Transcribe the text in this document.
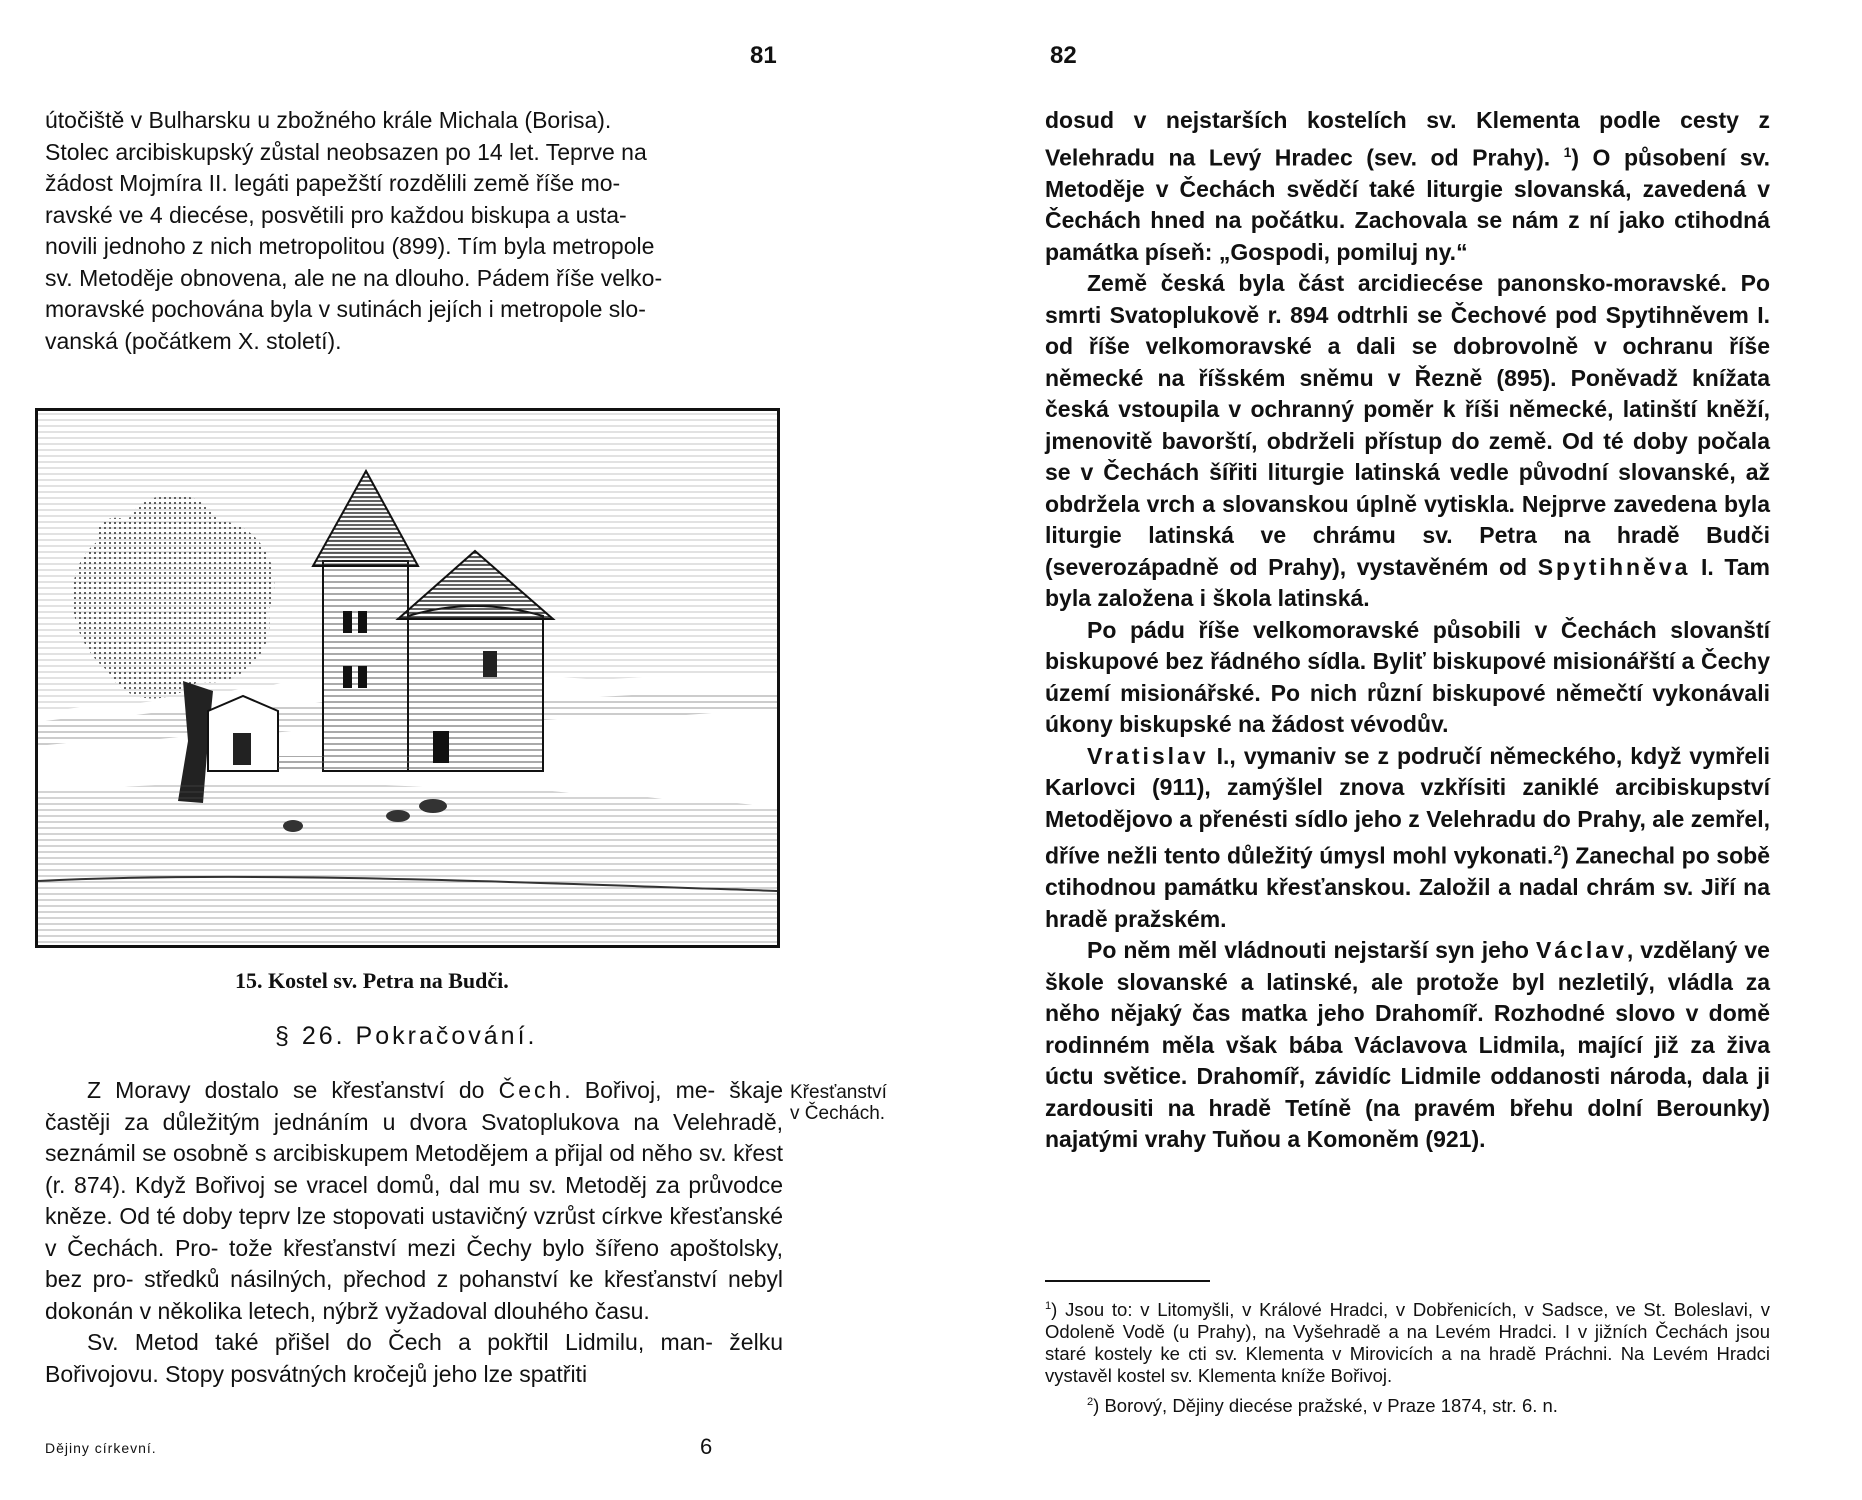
81
útočiště v Bulharsku u zbožného krále Michala (Borisa).
Stolec arcibiskupský zůstal neobsazen po 14 let. Teprve na
žádost Mojmíra II. legáti papežští rozdělili země říše mo-
ravské ve 4 diecése, posvětili pro každou biskupa a usta-
novili jednoho z nich metropolitou (899). Tím byla metropole
sv. Metoděje obnovena, ale ne na dlouho. Pádem říše velko-
moravské pochována byla v sutinách jejích i metropole slo-
vanská (počátkem X. století).
15. Kostel sv. Petra na Budči.
§ 26. Pokračování.

Z Moravy dostalo se křesťanství do Čech. Bořivoj, me- škaje častěji za důležitým jednáním u dvora Svatoplukova na Velehradě, seznámil se osobně s arcibiskupem Metodějem a přijal od něho sv. křest (r. 874). Když Bořivoj se vracel domů, dal mu sv. Metoděj za průvodce kněze. Od té doby teprv lze stopovati ustavičný vzrůst církve křesťanské v Čechách. Pro- tože křesťanství mezi Čechy bylo šířeno apoštolsky, bez pro- středků násilných, přechod z pohanství ke křesťanství nebyl dokonán v několika letech, nýbrž vyžadoval dlouhého času.

Sv. Metod také přišel do Čech a pokřtil Lidmilu, man- želku Bořivojovu. Stopy posvátných kročejů jeho lze spatřiti

Křesťanství
v Čechách.
Dějiny církevní.	6
82

dosud v nejstarších kostelích sv. Klementa podle cesty z Velehradu na Levý Hradec (sev. od Prahy). $^1$) O působení sv. Metoděje v Čechách svědčí také liturgie slovanská, zavedená v Čechách hned na počátku. Zachovala se nám z ní jako ctihodná památka píseň: „Gospodi, pomiluj ny.“

Země česká byla část arcidiecése panonsko-moravské. Po smrti Svatoplukově r. 894 odtrhli se Čechové pod Spytihněvem I. od říše velkomoravské a dali se dobrovolně v ochranu říše německé na říšském sněmu v Řezně (895). Poněvadž knížata česká vstoupila v ochranný poměr k říši německé, latinští kněží, jmenovitě bavorští, obdrželi přístup do země. Od té doby počala se v Čechách šířiti liturgie latinská vedle původní slovanské, až obdržela vrch a slovanskou úplně vytiskla. Nejprve zavedena byla liturgie latinská ve chrámu sv. Petra na hradě Budči (severozápadně od Prahy), vystavěném od Spytihněva I. Tam byla založena i škola latinská.

Po pádu říše velkomoravské působili v Čechách slovanští biskupové bez řádného sídla. Byliť biskupové misionářští a Čechy území misionářské. Po nich různí biskupové němečtí vykonávali úkony biskupské na žádost vévodův.

Vratislav I., vymaniv se z područí německého, když vymřeli Karlovci (911), zamýšlel znova vzkřísiti zaniklé arcibiskupství Metodějovo a přenésti sídlo jeho z Velehradu do Prahy, ale zemřel, dříve nežli tento důležitý úmysl mohl vykonati.$^2$) Zanechal po sobě ctihodnou památku křesťanskou. Založil a nadal chrám sv. Jiří na hradě pražském.

Po něm měl vládnouti nejstarší syn jeho Václav, vzdělaný ve škole slovanské a latinské, ale protože byl nezletilý, vládla za něho nějaký čas matka jeho Drahomíř. Rozhodné slovo v domě rodinném měla však bába Václavova Lidmila, mající již za živa úctu světice. Drahomíř, závidíc Lidmile oddanosti národa, dala ji zardousiti na hradě Tetíně (na pravém břehu dolní Berounky) najatými vrahy Tuňou a Komoněm (921).

$^1$) Jsou to: v Litomyšli, v Králové Hradci, v Dobřenicích, v Sadsce, ve St. Boleslavi, v Odoleně Vodě (u Prahy), na Vyšehradě a na Levém Hradci. I v jižních Čechách jsou staré kostely ke cti sv. Klementa v Mirovicích a na hradě Práchni. Na Levém Hradci vystavěl kostel sv. Klementa kníže Bořivoj.

$^2$) Borový, Dějiny diecése pražské, v Praze 1874, str. 6. n.
